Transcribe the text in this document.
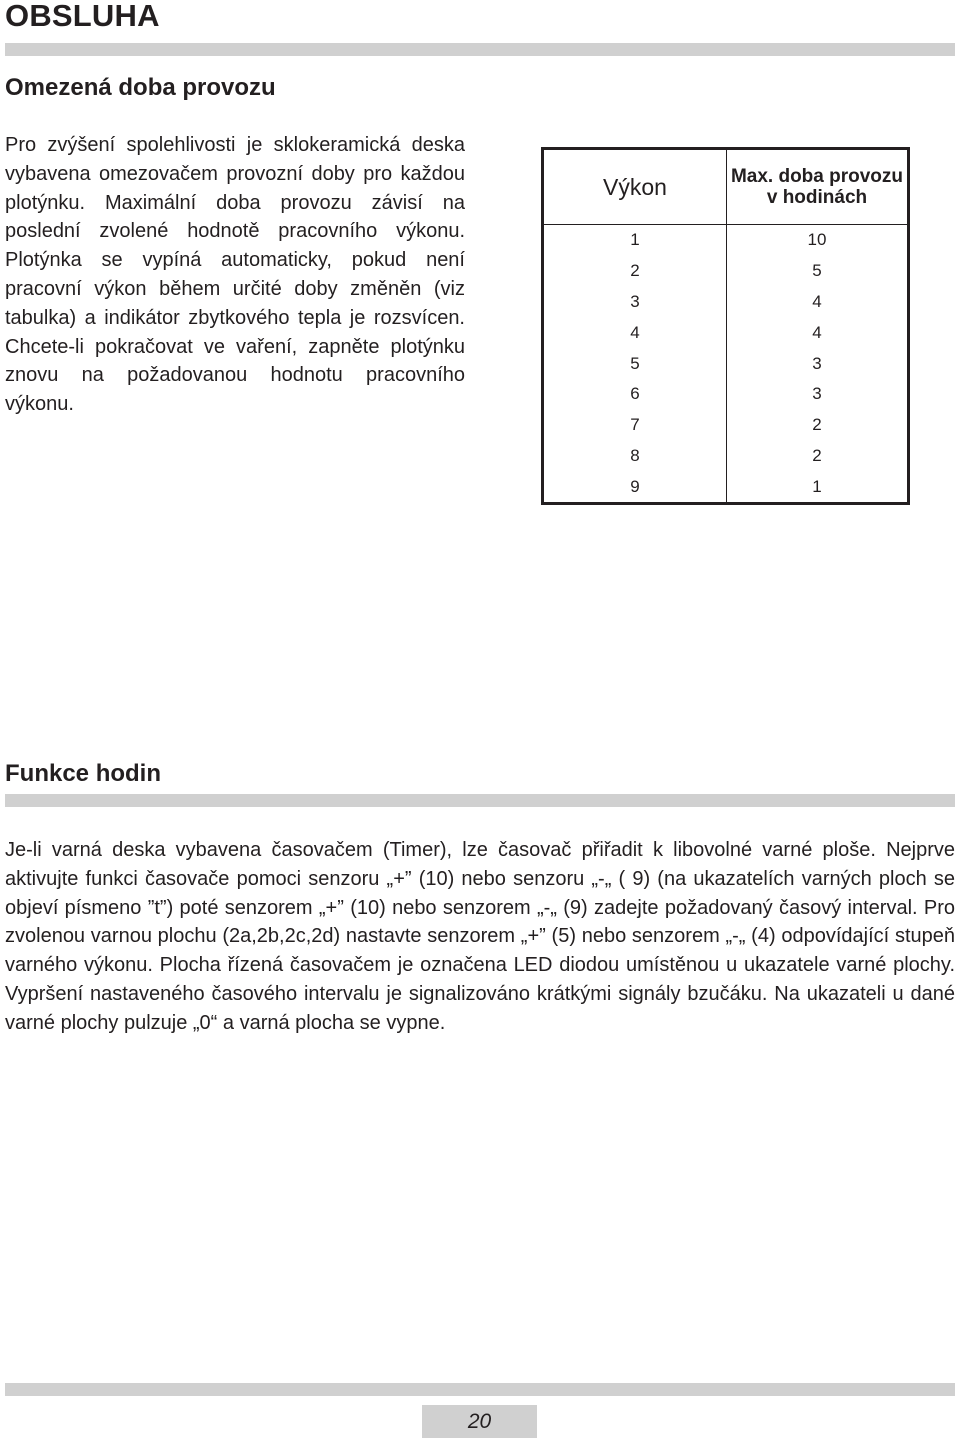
OBSLUHA
Omezená doba provozu

Pro zvýšení spolehlivosti je sklokeramická deska vybavena omezovačem provozní doby pro každou plotýnku. Maximální doba provozu závisí na poslední zvolené hodnotě pracovního výkonu. Plotýnka se vypíná automaticky, pokud není pracovní výkon během určité doby změněn (viz tabulka) a indikátor zbytkového tepla je rozsvícen. Chcete-li pokračovat ve vaření, zapněte plotýnku znovu na požadovanou hodnotu pracovního výkonu.

Výkon	Max. doba provozu v hodinách
1	10
2	5
3	4
4	4
5	3
6	3
7	2
8	2
9	1
Funkce hodin

Je-li varná deska vybavena časovačem (Timer), lze časovač přiřadit k libovolné varné ploše. Nejprve aktivujte funkci časovače pomoci senzoru „+” (10) nebo senzoru „-„ ( 9) (na ukazatelích varných ploch se objeví písmeno ”t”) poté senzorem „+” (10) nebo senzorem „-„ (9) zadejte požadovaný časový interval. Pro zvolenou varnou plochu (2a,2b,2c,2d) nastavte senzorem „+” (5) nebo senzorem „-„ (4) odpovídající stupeň varného výkonu. Plocha řízená časovačem je označena LED diodou umístěnou u ukazatele varné plochy. Vypršení nastaveného časového intervalu je signalizováno krátkými signály bzučáku. Na ukazateli u dané varné plochy pulzuje „0“ a varná plocha se vypne.

20
